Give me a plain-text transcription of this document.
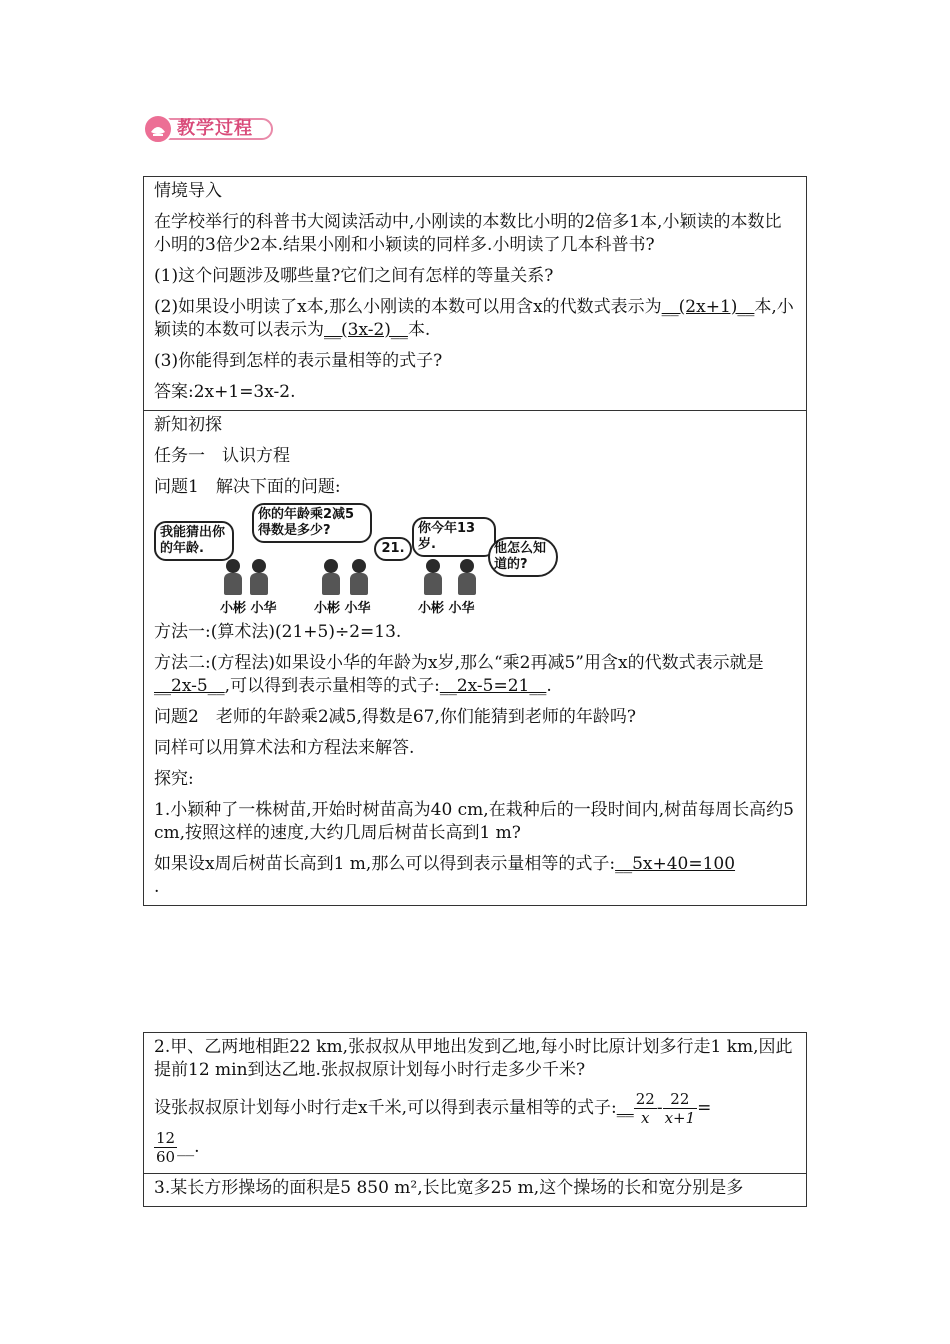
教学过程

情境导入

在学校举行的科普书大阅读活动中,小刚读的本数比小明的2倍多1本,小颖读的本数比小明的3倍少2本.结果小刚和小颖读的同样多.小明读了几本科普书?

(1)这个问题涉及哪些量?它们之间有怎样的等量关系?

(2)如果设小明读了x本,那么小刚读的本数可以用含x的代数式表示为__(2x+1)__本,小颖读的本数可以表示为__(3x-2)__本.

(3)你能得到怎样的表示量相等的式子?

答案:2x+1=3x-2.

新知初探

任务一　认识方程

问题1　解决下面的问题:

我能猜出你的年龄.
你的年龄乘2减5得数是多少?
21.
你今年13岁.	他怎么知道的?
小彬 小华	小彬 小华	小彬 小华

方法一:(算术法)(21+5)÷2=13.

方法二:(方程法)如果设小华的年龄为x岁,那么“乘2再减5”用含x的代数式表示就是__2x-5__,可以得到表示量相等的式子:__2x-5=21__.

问题2　老师的年龄乘2减5,得数是67,你们能猜到老师的年龄吗?

同样可以用算术法和方程法来解答.

探究:

1.小颖种了一株树苗,开始时树苗高为40 cm,在栽种后的一段时间内,树苗每周长高约5 cm,按照这样的速度,大约几周后树苗长高到1 m?

如果设x周后树苗长高到1 m,那么可以得到表示量相等的式子:__5x+40=100

.

2.甲、乙两地相距22 km,张叔叔从甲地出发到乙地,每小时比原计划多行走1 km,因此提前12 min到达乙地.张叔叔原计划每小时行走多少千米?

设张叔叔原计划每小时行走x千米,可以得到表示量相等的式子:__ $\frac{22}{x} - \frac{22}{x+1}$ =

$\frac{12}{60}$ __.

3.某长方形操场的面积是5 850 m²,长比宽多25 m,这个操场的长和宽分别是多
